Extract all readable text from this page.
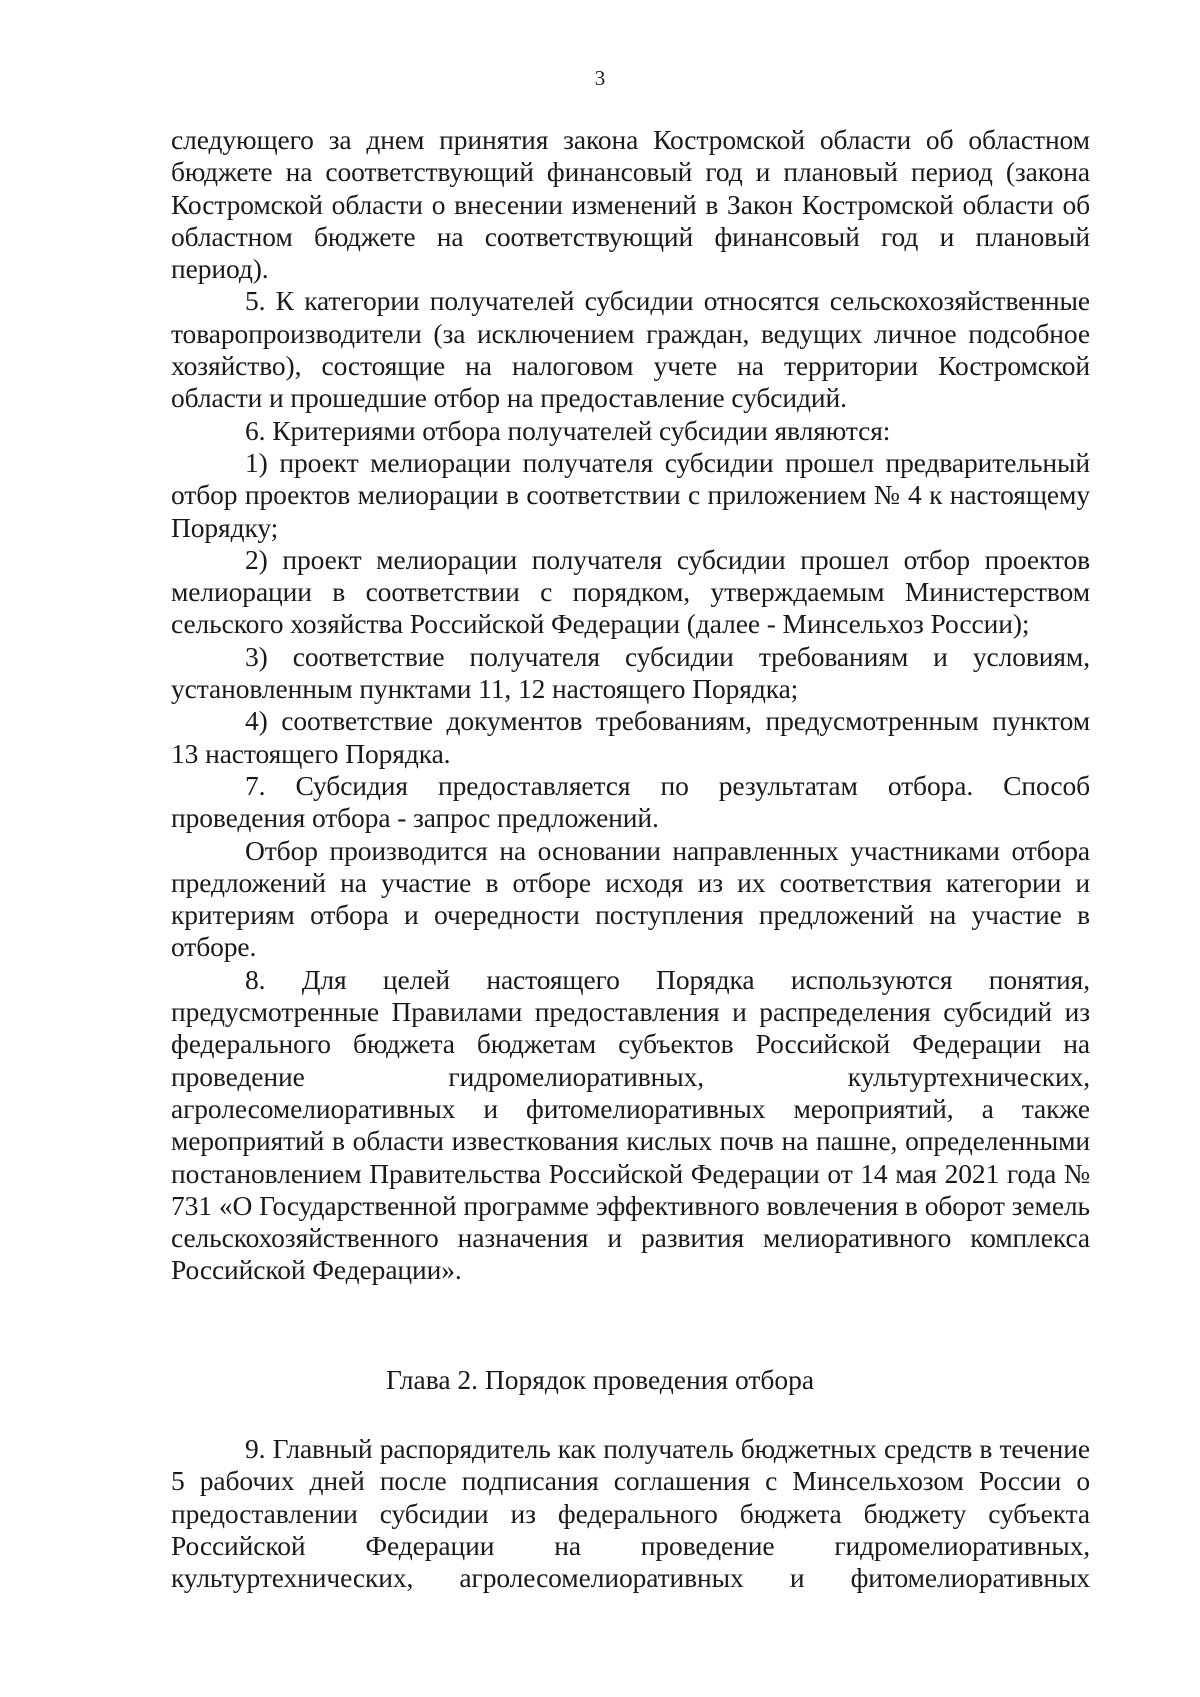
3

следующего за днем принятия закона Костромской области об областном бюджете на соответствующий финансовый год и плановый период (закона Костромской области о внесении изменений в Закон Костромской области об областном бюджете на соответствующий финансовый год и плановый период).

5. К категории получателей субсидии относятся сельскохозяйственные товаропроизводители (за исключением граждан, ведущих личное подсобное хозяйство), состоящие на налоговом учете на территории Костромской области и прошедшие отбор на предоставление субсидий.

6. Критериями отбора получателей субсидии являются:

1) проект мелиорации получателя субсидии прошел предварительный отбор проектов мелиорации в соответствии с приложением № 4 к настоящему Порядку;

2) проект мелиорации получателя субсидии прошел отбор проектов мелиорации в соответствии с порядком, утверждаемым Министерством сельского хозяйства Российской Федерации (далее - Минсельхоз России);

3) соответствие получателя субсидии требованиям и условиям, установленным пунктами 11, 12 настоящего Порядка;

4) соответствие документов требованиям, предусмотренным пунктом 13 настоящего Порядка.

7. Субсидия предоставляется по результатам отбора. Способ проведения отбора - запрос предложений.

Отбор производится на основании направленных участниками отбора предложений на участие в отборе исходя из их соответствия категории и критериям отбора и очередности поступления предложений на участие в отборе.

8. Для целей настоящего Порядка используются понятия, предусмотренные Правилами предоставления и распределения субсидий из федерального бюджета бюджетам субъектов Российской Федерации на проведение гидромелиоративных, культуртехнических, агролесомелиоративных и фитомелиоративных мероприятий, а также мероприятий в области известкования кислых почв на пашне, определенными постановлением Правительства Российской Федерации от 14 мая 2021 года № 731 «О Государственной программе эффективного вовлечения в оборот земель сельскохозяйственного назначения и развития мелиоративного комплекса Российской Федерации».

Глава 2. Порядок проведения отбора

9. Главный распорядитель как получатель бюджетных средств в течение 5 рабочих дней после подписания соглашения с Минсельхозом России о предоставлении субсидии из федерального бюджета бюджету субъекта Российской Федерации на проведение гидромелиоративных, культуртехнических, агролесомелиоративных и фитомелиоративных
